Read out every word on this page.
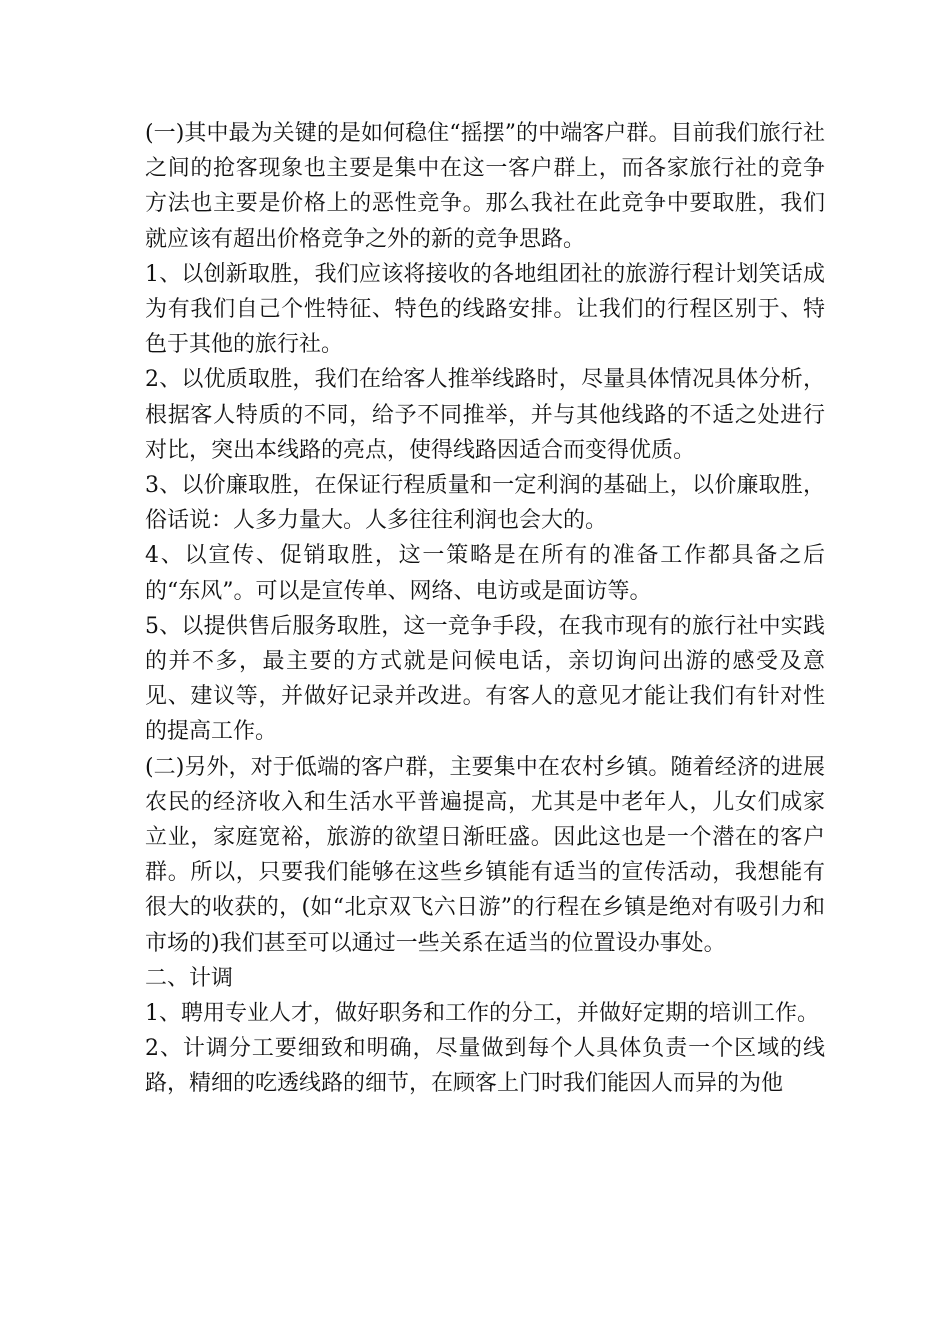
(一)其中最为关键的是如何稳住“摇摆”的中端客户群。目前我们旅行社之间的抢客现象也主要是集中在这一客户群上，而各家旅行社的竞争方法也主要是价格上的恶性竞争。那么我社在此竞争中要取胜，我们就应该有超出价格竞争之外的新的竞争思路。

1、以创新取胜，我们应该将接收的各地组团社的旅游行程计划笑话成为有我们自己个性特征、特色的线路安排。让我们的行程区别于、特色于其他的旅行社。

2、以优质取胜，我们在给客人推举线路时，尽量具体情况具体分析，根据客人特质的不同，给予不同推举，并与其他线路的不适之处进行对比，突出本线路的亮点，使得线路因适合而变得优质。

3、以价廉取胜，在保证行程质量和一定利润的基础上，以价廉取胜，俗话说：人多力量大。人多往往利润也会大的。

4、以宣传、促销取胜，这一策略是在所有的准备工作都具备之后的“东风”。可以是宣传单、网络、电访或是面访等。

5、以提供售后服务取胜，这一竞争手段，在我市现有的旅行社中实践的并不多，最主要的方式就是问候电话，亲切询问出游的感受及意见、建议等，并做好记录并改进。有客人的意见才能让我们有针对性的提高工作。

(二)另外，对于低端的客户群，主要集中在农村乡镇。随着经济的进展农民的经济收入和生活水平普遍提高，尤其是中老年人，儿女们成家立业，家庭宽裕，旅游的欲望日渐旺盛。因此这也是一个潜在的客户群。所以，只要我们能够在这些乡镇能有适当的宣传活动，我想能有很大的收获的，(如“北京双飞六日游”的行程在乡镇是绝对有吸引力和市场的)我们甚至可以通过一些关系在适当的位置设办事处。

二、计调

1、聘用专业人才，做好职务和工作的分工，并做好定期的培训工作。

2、计调分工要细致和明确，尽量做到每个人具体负责一个区域的线路，精细的吃透线路的细节，在顾客上门时我们能因人而异的为他
